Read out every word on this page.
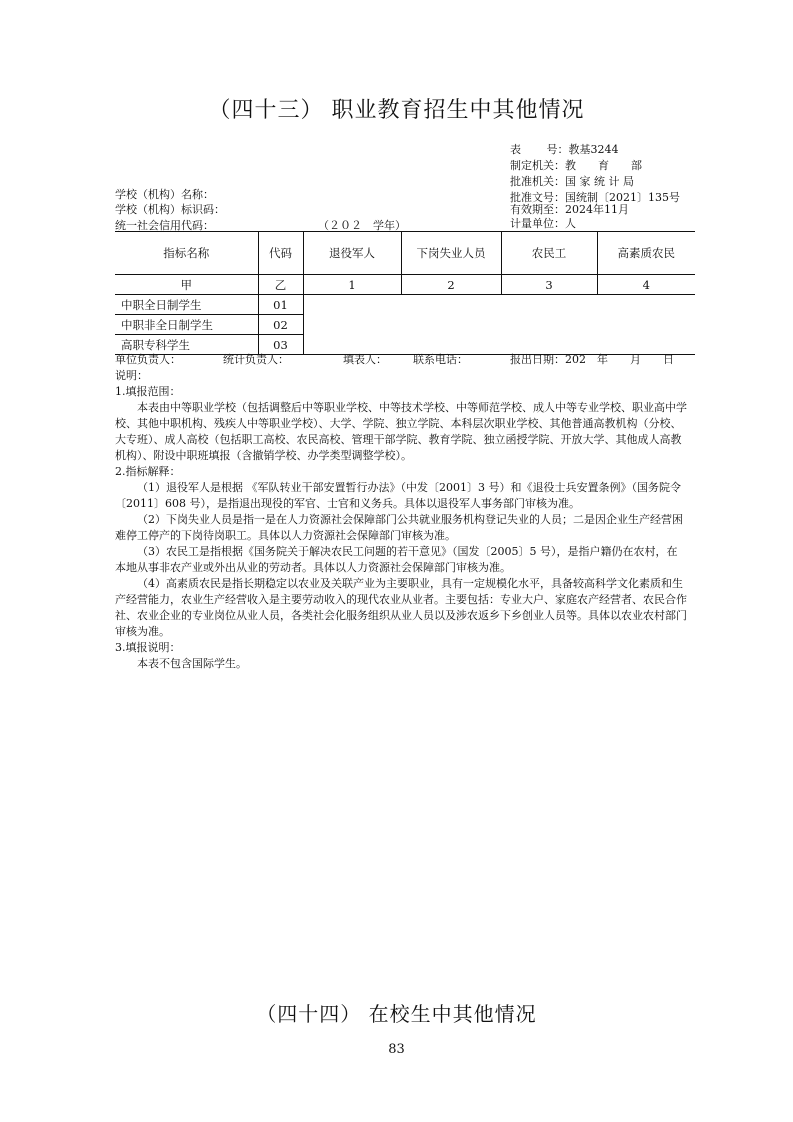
（四十三） 职业教育招生中其他情况
表　　 号：教基3244
制定机关：教　　育　　部
批准机关：国 家 统 计 局
批准文号：国统制〔2021〕135号
有效期至：2024年11月
计量单位：人
学校（机构）名称：
学校（机构）标识码：
统一社会信用代码：	（２０２　学年）
指标名称	代码	退役军人	下岗失业人员	农民工	高素质农民
甲	乙	1	2	3	4
中职全日制学生	01				
中职非全日制学生	02				
高职专科学生	03				
单位负责人：	统计负责人：	填表人： 联系电话：	报出日期：202　年　　月　　日

说明：

1.填报范围：

本表由中等职业学校（包括调整后中等职业学校、中等技术学校、中等师范学校、成人中等专业学校、职业高中学校、其他中职机构、残疾人中等职业学校）、大学、学院、独立学院、本科层次职业学校、其他普通高教机构（分校、大专班）、成人高校（包括职工高校、农民高校、管理干部学院、教育学院、独立函授学院、开放大学、其他成人高教机构）、附设中职班填报（含撤销学校、办学类型调整学校）。

2.指标解释：

（1）退役军人是根据 《军队转业干部安置暂行办法》（中发〔2001〕3 号）和《退役士兵安置条例》（国务院令〔2011〕608 号），是指退出现役的军官、士官和义务兵。具体以退役军人事务部门审核为准。

（2）下岗失业人员是指一是在人力资源社会保障部门公共就业服务机构登记失业的人员；二是因企业生产经营困难停工停产的下岗待岗职工。具体以人力资源社会保障部门审核为准。

（3）农民工是指根据《国务院关于解决农民工问题的若干意见》（国发〔2005〕5 号），是指户籍仍在农村，在本地从事非农产业或外出从业的劳动者。具体以人力资源社会保障部门审核为准。

（4）高素质农民是指长期稳定以农业及关联产业为主要职业，具有一定规模化水平，具备较高科学文化素质和生产经营能力，农业生产经营收入是主要劳动收入的现代农业从业者。主要包括：专业大户、家庭农产经营者、农民合作社、农业企业的专业岗位从业人员，各类社会化服务组织从业人员以及涉农返乡下乡创业人员等。具体以农业农村部门审核为准。

3.填报说明：

本表不包含国际学生。

（四十四） 在校生中其他情况
83
